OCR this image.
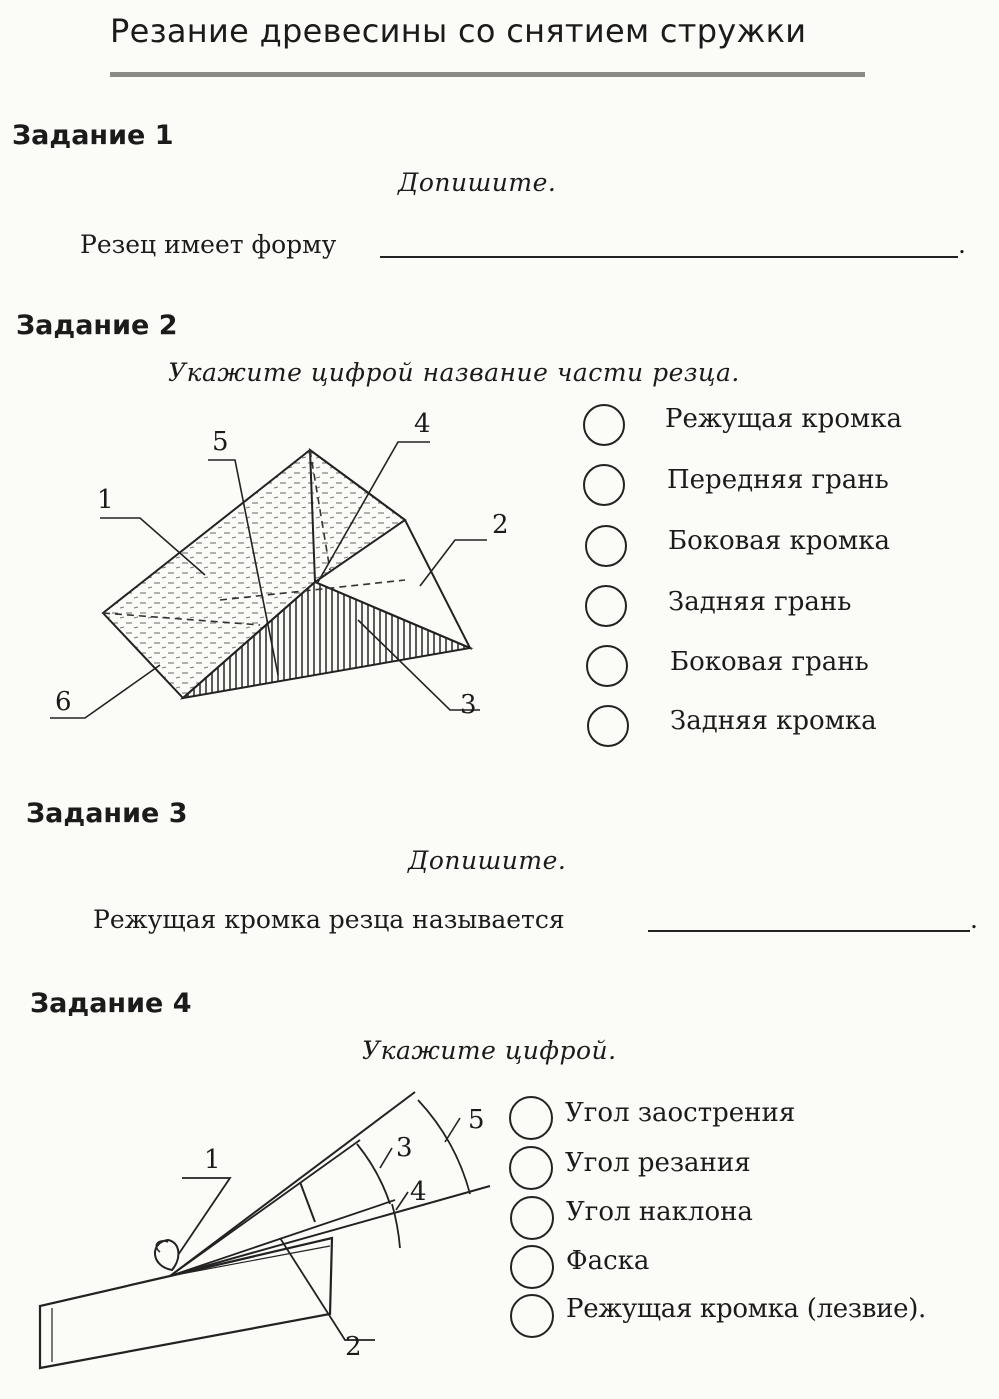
Резание древесины со снятием стружки
Задание 1
Допишите.
Резец имеет форму	.
Задание 2
Укажите цифрой название части резца.
1
2
3
4
5
6
Режущая кромка
Передняя грань
Боковая кромка
Задняя грань
Боковая грань
Задняя кромка
Задание 3
Допишите.
Режущая кромка резца называется	.
Задание 4
Укажите цифрой.
1
2
3
4
5	Угол заострения
Угол резания
Угол наклона
Фаска
Режущая кромка (лезвие).
